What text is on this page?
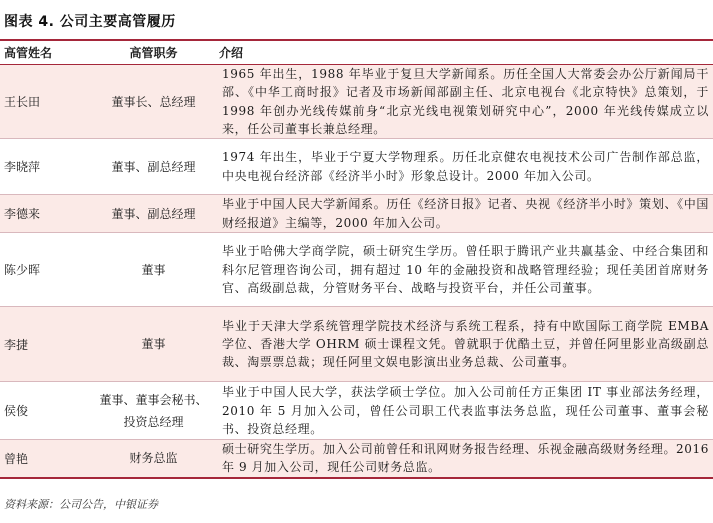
图表 4. 公司主要高管履历
高管姓名	高管职务	介绍
王长田	董事长、总经理	1965 年出生，1988 年毕业于复旦大学新闻系。历任全国人大常委会办公厅新闻局干部、《中华工商时报》记者及市场新闻部副主任、北京电视台《北京特快》总策划，于 1998 年创办光线传媒前身“北京光线电视策划研究中心”，2000 年光线传媒成立以来，任公司董事长兼总经理。
李晓萍	董事、副总经理	1974 年出生，毕业于宁夏大学物理系。历任北京健农电视技术公司广告制作部总监，中央电视台经济部《经济半小时》形象总设计。2000 年加入公司。
李德来	董事、副总经理	毕业于中国人民大学新闻系。历任《经济日报》记者、央视《经济半小时》策划、《中国财经报道》主编等，2000 年加入公司。
陈少晖	董事	毕业于哈佛大学商学院，硕士研究生学历。曾任职于腾讯产业共赢基金、中经合集团和科尔尼管理咨询公司，拥有超过 10 年的金融投资和战略管理经验；现任美团首席财务官、高级副总裁，分管财务平台、战略与投资平台，并任公司董事。
李捷	董事	毕业于天津大学系统管理学院技术经济与系统工程系，持有中欧国际工商学院 EMBA 学位、香港大学 OHRM 硕士课程文凭。曾就职于优酷土豆，并曾任阿里影业高级副总裁、淘票票总裁；现任阿里文娱电影演出业务总裁、公司董事。
侯俊	董事、董事会秘书、投资总经理	毕业于中国人民大学，获法学硕士学位。加入公司前任方正集团 IT 事业部法务经理，2010 年 5 月加入公司，曾任公司职工代表监事法务总监，现任公司董事、董事会秘书、投资总经理。
曾艳	财务总监	硕士研究生学历。加入公司前曾任和讯网财务报告经理、乐视金融高级财务经理。2016 年 9 月加入公司，现任公司财务总监。
资料来源：公司公告，中银证券
